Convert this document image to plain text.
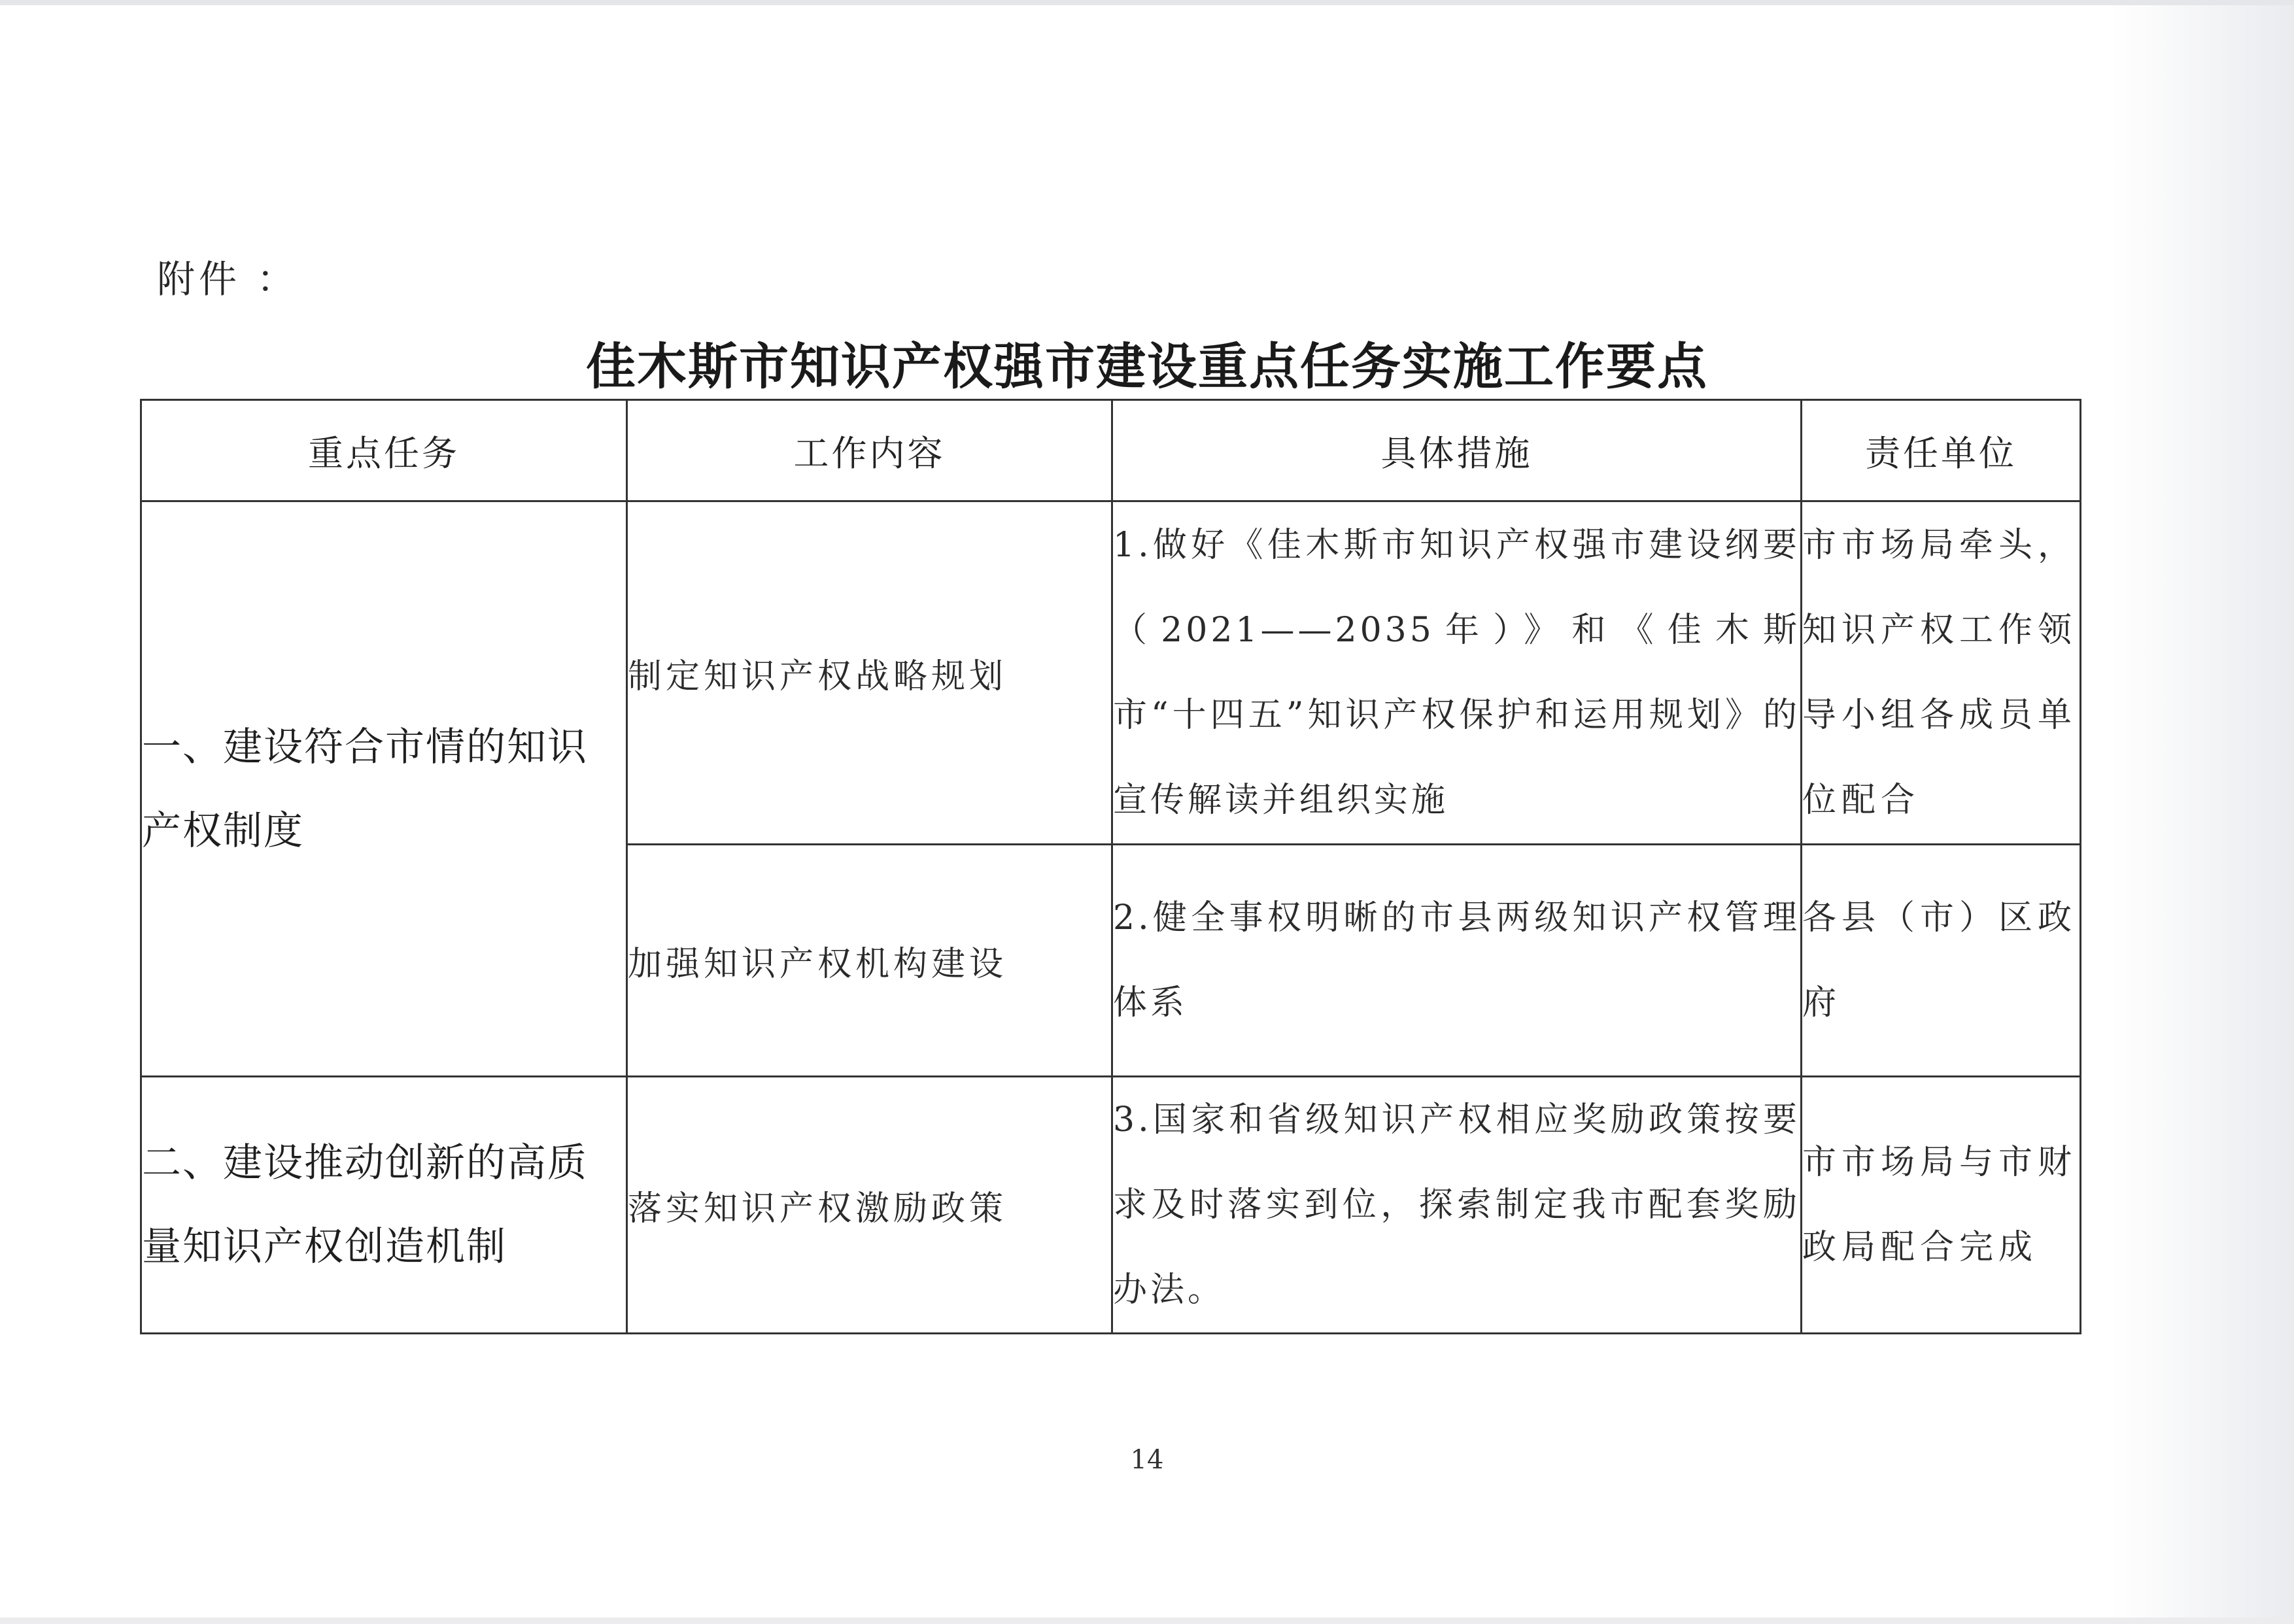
附件 ：
佳木斯市知识产权强市建设重点任务实施工作要点
重点任务	工作内容	具体措施	责任单位
一、建设符合市情的知识产权制度	制定知识产权战略规划	1.做好《佳木斯市知识产权强市建设纲要（2021——2035年）》和《佳木斯市“十四五”知识产权保护和运用规划》的宣传解读并组织实施	市市场局牵头，知识产权工作领导小组各成员单位配合
	加强知识产权机构建设	2.健全事权明晰的市县两级知识产权管理体系	各县（市）区政府
二、建设推动创新的高质量知识产权创造机制	落实知识产权激励政策	3.国家和省级知识产权相应奖励政策按要求及时落实到位，探索制定我市配套奖励办法。	市市场局与市财政局配合完成
14
